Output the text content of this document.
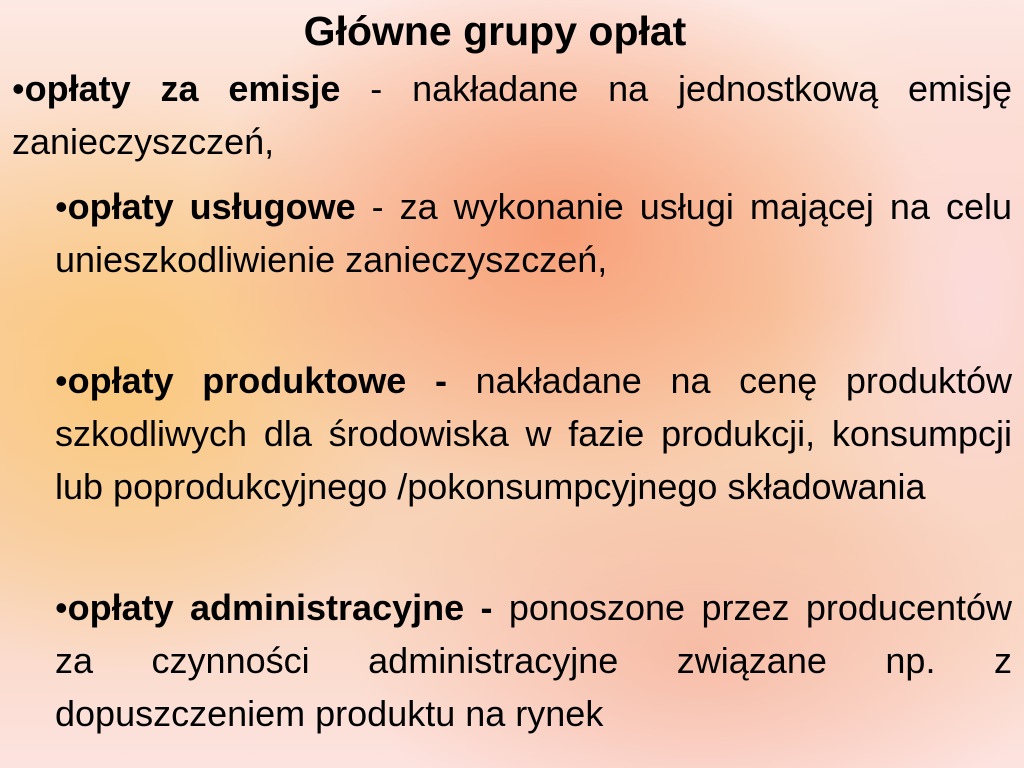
Główne grupy opłat
•opłaty za emisje - nakładane na jednostkową emisję zanieczyszczeń,
•opłaty usługowe - za wykonanie usługi mającej na celu unieszkodliwienie zanieczyszczeń,
•opłaty produktowe - nakładane na cenę produktów szkodliwych dla środowiska w fazie produkcji, konsumpcji lub poprodukcyjnego /pokonsumpcyjnego składowania
•opłaty administracyjne - ponoszone przez producentów za czynności administracyjne związane np. z dopuszczeniem produktu na rynek
